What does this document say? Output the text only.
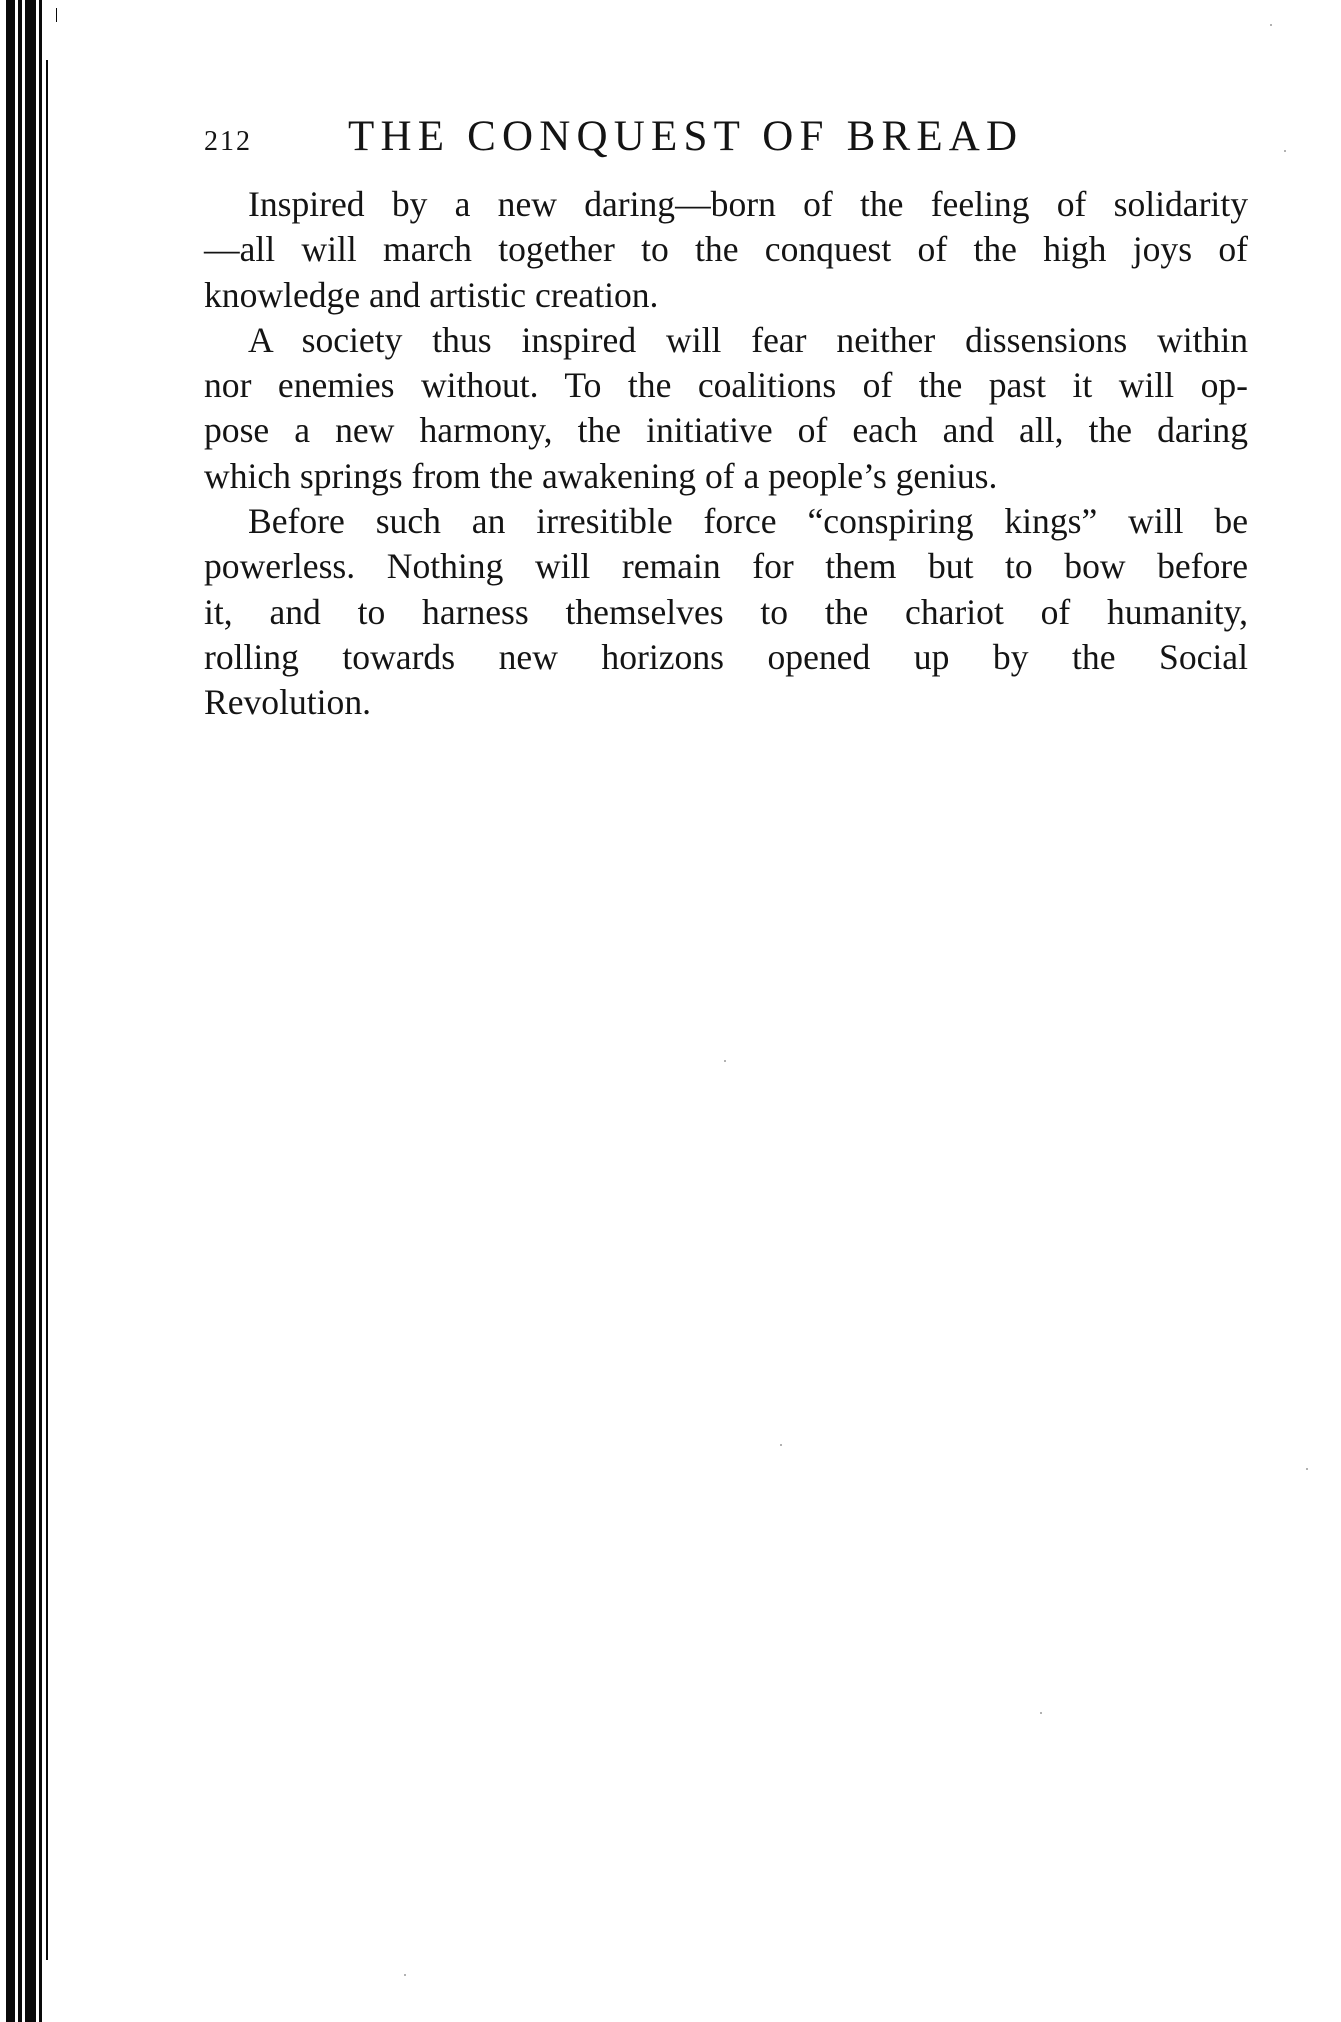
212 THE CONQUEST OF BREAD

Inspired by a new daring—born of the feeling of solidarity
—all will march together to the conquest of the high joys of
knowledge and artistic creation.

A society thus inspired will fear neither dissensions within
nor enemies without. To the coalitions of the past it will op-
pose a new harmony, the initiative of each and all, the daring
which springs from the awakening of a people’s genius.

Before such an irresitible force “conspiring kings” will be
powerless. Nothing will remain for them but to bow before
it, and to harness themselves to the chariot of humanity,
rolling towards new horizons opened up by the Social
Revolution.
